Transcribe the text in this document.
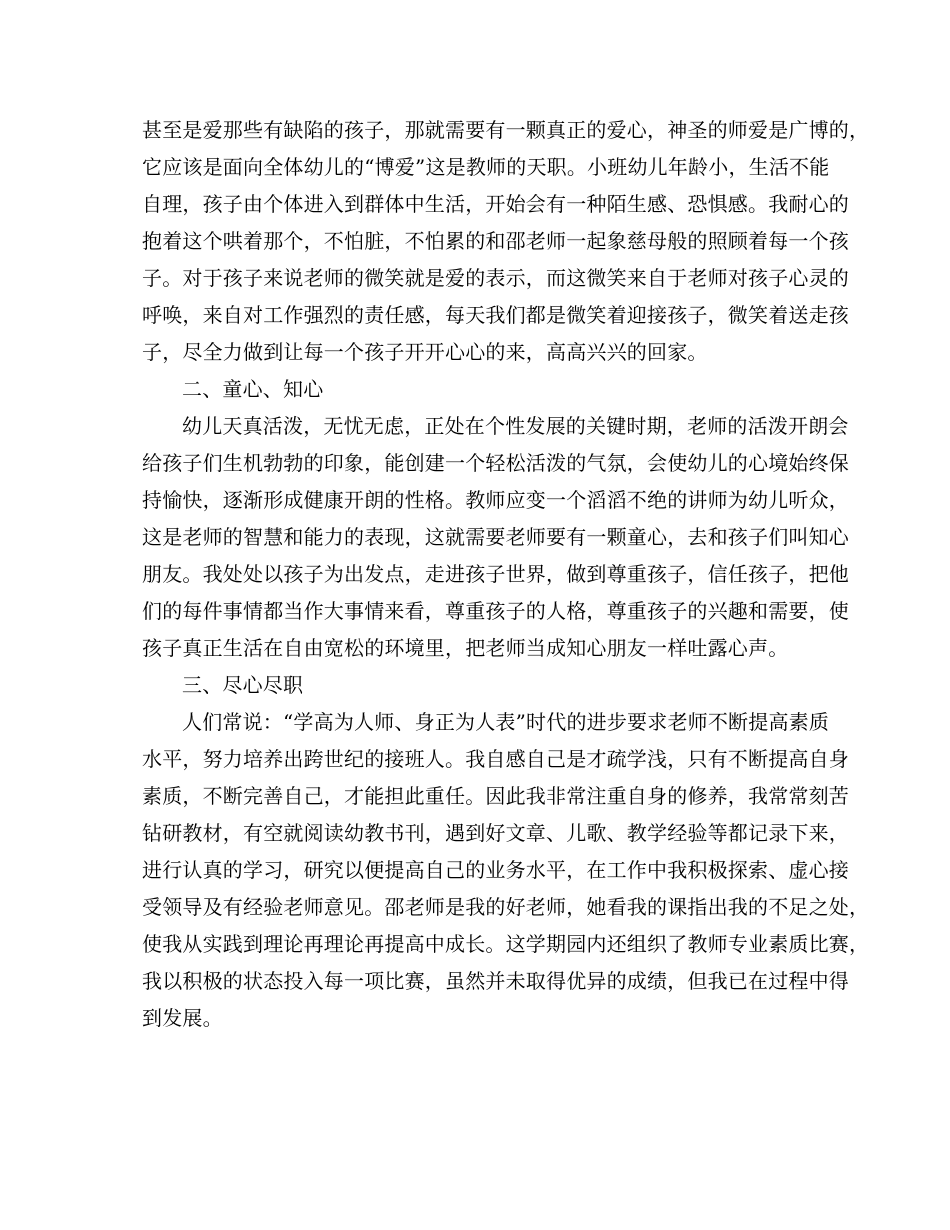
甚至是爱那些有缺陷的孩子，那就需要有一颗真正的爱心，神圣的师爱是广博的，
它应该是面向全体幼儿的“博爱”这是教师的天职。小班幼儿年龄小，生活不能
自理，孩子由个体进入到群体中生活，开始会有一种陌生感、恐惧感。我耐心的
抱着这个哄着那个，不怕脏，不怕累的和邵老师一起象慈母般的照顾着每一个孩
子。对于孩子来说老师的微笑就是爱的表示，而这微笑来自于老师对孩子心灵的
呼唤，来自对工作强烈的责任感，每天我们都是微笑着迎接孩子，微笑着送走孩
子，尽全力做到让每一个孩子开开心心的来，高高兴兴的回家。
二、童心、知心
幼儿天真活泼，无忧无虑，正处在个性发展的关键时期，老师的活泼开朗会
给孩子们生机勃勃的印象，能创建一个轻松活泼的气氛，会使幼儿的心境始终保
持愉快，逐渐形成健康开朗的性格。教师应变一个滔滔不绝的讲师为幼儿听众，
这是老师的智慧和能力的表现，这就需要老师要有一颗童心，去和孩子们叫知心
朋友。我处处以孩子为出发点，走进孩子世界，做到尊重孩子，信任孩子，把他
们的每件事情都当作大事情来看，尊重孩子的人格，尊重孩子的兴趣和需要，使
孩子真正生活在自由宽松的环境里，把老师当成知心朋友一样吐露心声。
三、尽心尽职
人们常说：“学高为人师、身正为人表”时代的进步要求老师不断提高素质
水平，努力培养出跨世纪的接班人。我自感自己是才疏学浅，只有不断提高自身
素质，不断完善自己，才能担此重任。因此我非常注重自身的修养，我常常刻苦
钻研教材，有空就阅读幼教书刊，遇到好文章、儿歌、教学经验等都记录下来，
进行认真的学习，研究以便提高自己的业务水平，在工作中我积极探索、虚心接
受领导及有经验老师意见。邵老师是我的好老师，她看我的课指出我的不足之处，
使我从实践到理论再理论再提高中成长。这学期园内还组织了教师专业素质比赛，
我以积极的状态投入每一项比赛，虽然并未取得优异的成绩，但我已在过程中得
到发展。
